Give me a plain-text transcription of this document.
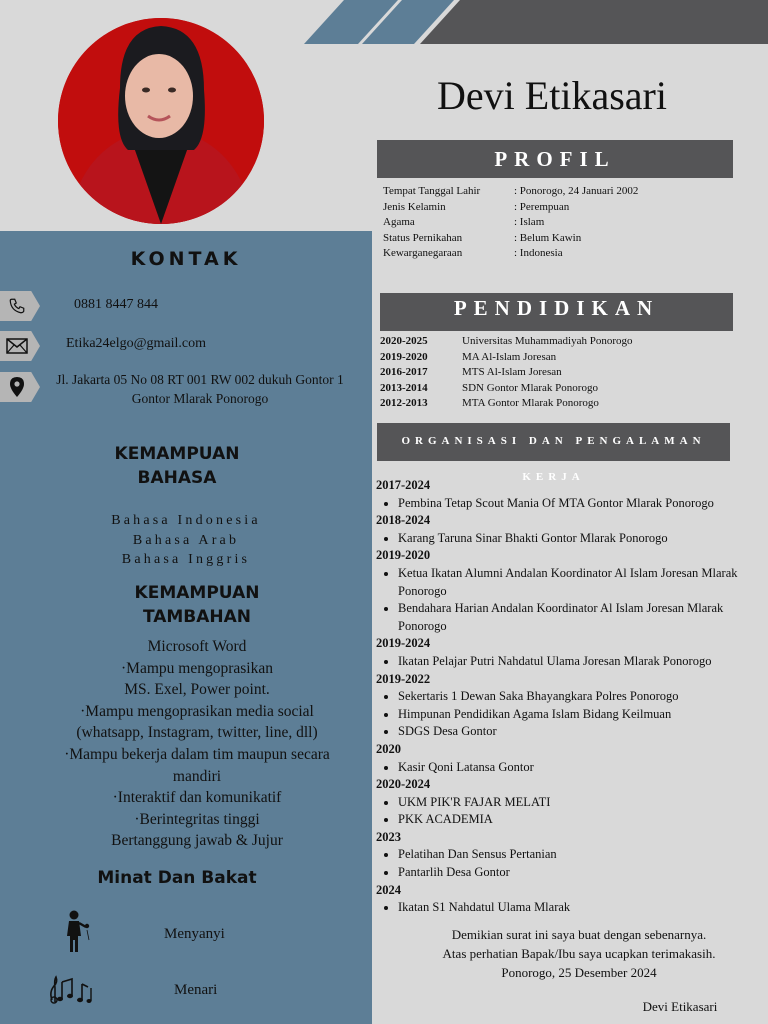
KONTAK
0881 8447 844
Etika24elgo@gmail.com
Jl. Jakarta 05 No 08 RT 001 RW 002 dukuh Gontor 1 Gontor Mlarak Ponorogo
KEMAMPUAN
BAHASA
Bahasa Indonesia
Bahasa Arab
Bahasa Inggris
KEMAMPUAN
TAMBAHAN
Microsoft Word
·Mampu mengoprasikan
MS. Exel, Power point.
·Mampu mengoprasikan media social
(whatsapp, Instagram, twitter, line, dll)
·Mampu bekerja dalam tim maupun secara
mandiri
·Interaktif dan komunikatif
·Berintegritas tinggi
Bertanggung jawab & Jujur
Minat Dan Bakat
Menyanyi
Menari
Devi Etikasari
PROFIL
Tempat Tanggal Lahir	: Ponorogo, 24 Januari 2002
Jenis Kelamin	: Perempuan
Agama	: Islam
Status Pernikahan	: Belum Kawin
Kewarganegaraan	: Indonesia
PENDIDIKAN
2020-2025	Universitas Muhammadiyah Ponorogo
2019-2020	MA Al-Islam Joresan
2016-2017	MTS Al-Islam Joresan
2013-2014	SDN Gontor Mlarak Ponorogo
2012-2013	MTA Gontor Mlarak Ponorogo
ORGANISASI DAN PENGALAMAN KERJA
2017-2024
• Pembina Tetap Scout Mania Of MTA Gontor Mlarak Ponorogo
2018-2024
• Karang Taruna Sinar Bhakti Gontor Mlarak Ponorogo
2019-2020
• Ketua Ikatan Alumni Andalan Koordinator Al Islam Joresan Mlarak Ponorogo
• Bendahara Harian Andalan Koordinator Al Islam Joresan Mlarak Ponorogo
2019-2024
• Ikatan Pelajar Putri Nahdatul Ulama Joresan Mlarak Ponorogo
2019-2022
• Sekertaris 1 Dewan Saka Bhayangkara Polres Ponorogo
• Himpunan Pendidikan Agama Islam Bidang Keilmuan
• SDGS Desa Gontor
2020
• Kasir Qoni Latansa Gontor
2020-2024
• UKM PIK'R FAJAR MELATI
• PKK ACADEMIA
2023
• Pelatihan Dan Sensus Pertanian
• Pantarlih Desa Gontor
2024
• Ikatan S1 Nahdatul Ulama Mlarak
Demikian surat ini saya buat dengan sebenarnya.
Atas perhatian Bapak/Ibu saya ucapkan terimakasih.
Ponorogo, 25 Desember 2024
Devi Etikasari
